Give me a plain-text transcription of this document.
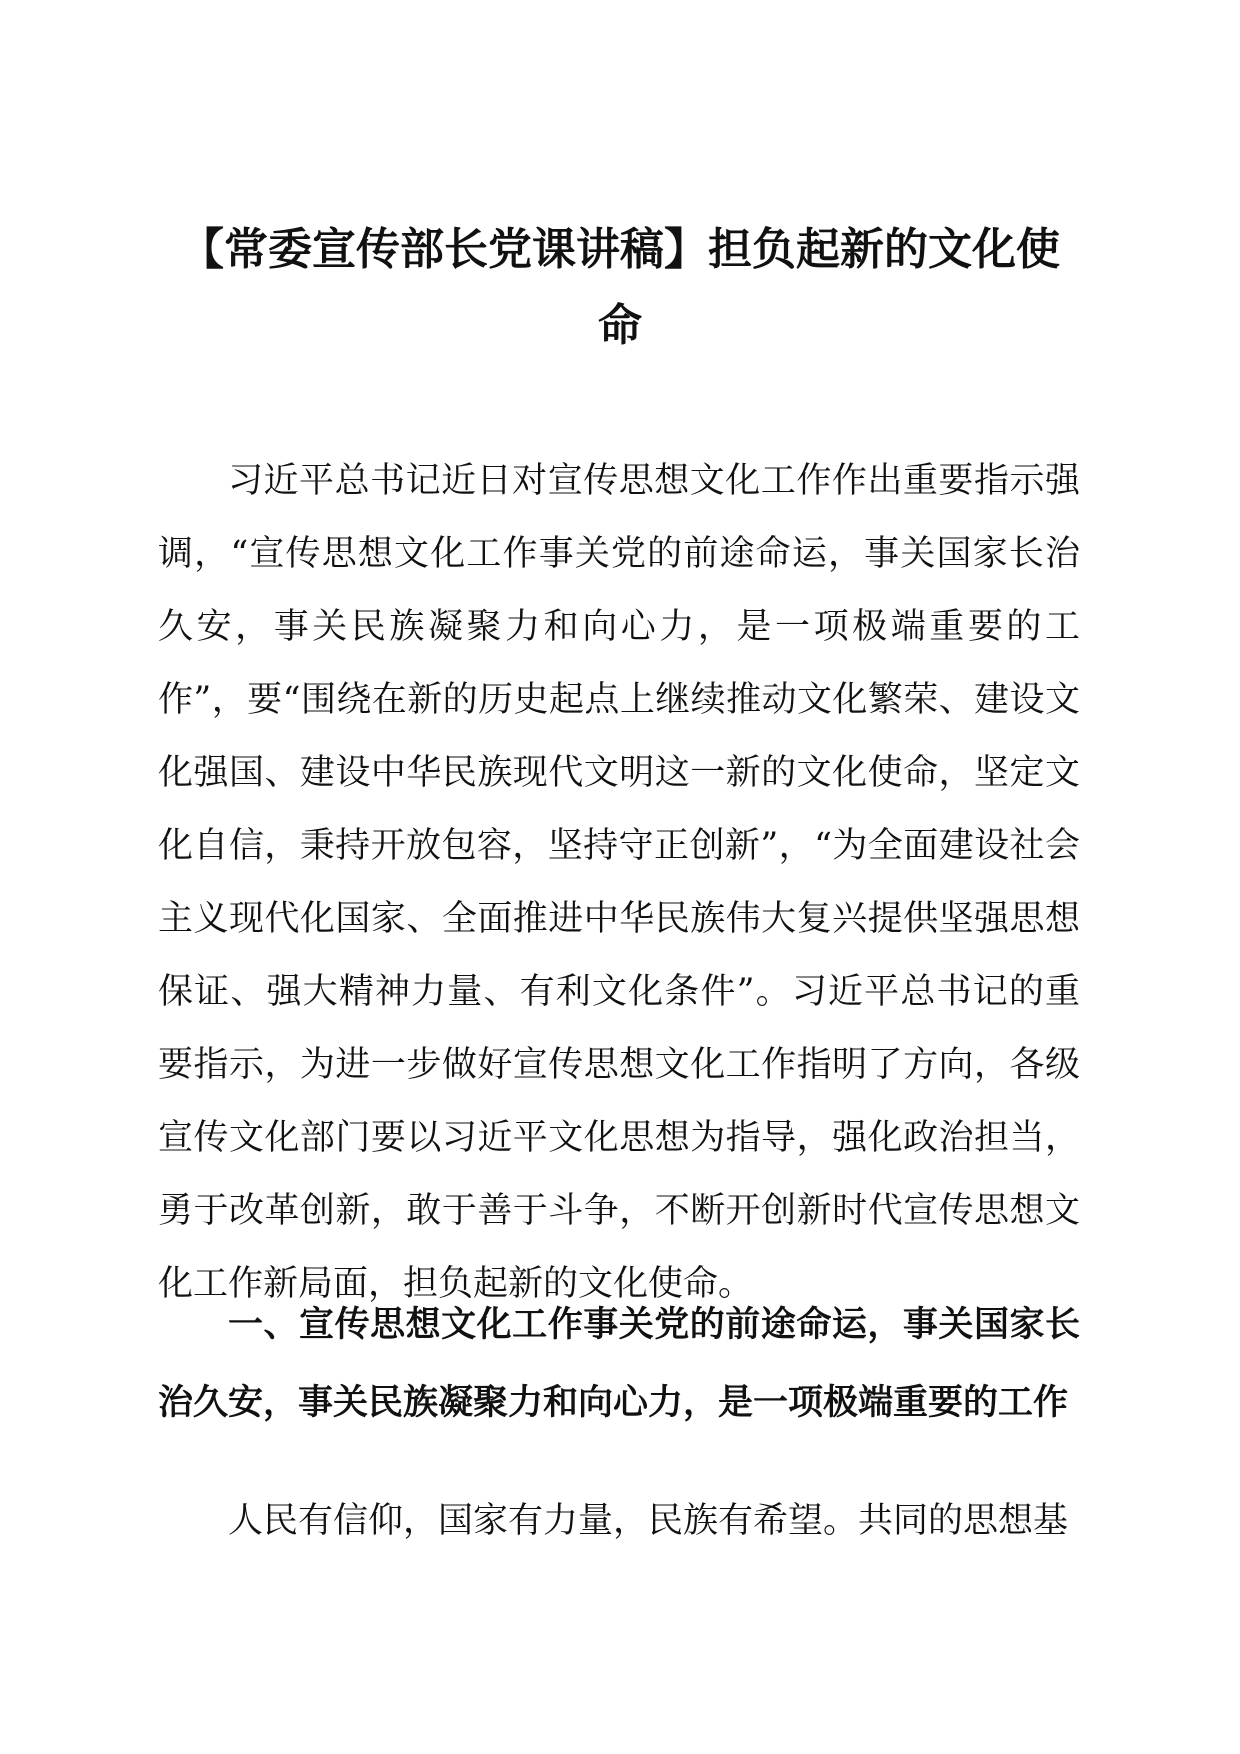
【常委宣传部长党课讲稿】担负起新的文化使
命

习近平总书记近日对宣传思想文化工作作出重要指示强调，“宣传思想文化工作事关党的前途命运，事关国家长治久安，事关民族凝聚力和向心力，是一项极端重要的工作”，要“围绕在新的历史起点上继续推动文化繁荣、建设文化强国、建设中华民族现代文明这一新的文化使命，坚定文化自信，秉持开放包容，坚持守正创新”，“为全面建设社会主义现代化国家、全面推进中华民族伟大复兴提供坚强思想保证、强大精神力量、有利文化条件”。习近平总书记的重要指示，为进一步做好宣传思想文化工作指明了方向，各级宣传文化部门要以习近平文化思想为指导，强化政治担当，勇于改革创新，敢于善于斗争，不断开创新时代宣传思想文化工作新局面，担负起新的文化使命。

一、宣传思想文化工作事关党的前途命运，事关国家长治久安，事关民族凝聚力和向心力，是一项极端重要的工作

人民有信仰，国家有力量，民族有希望。共同的思想基
